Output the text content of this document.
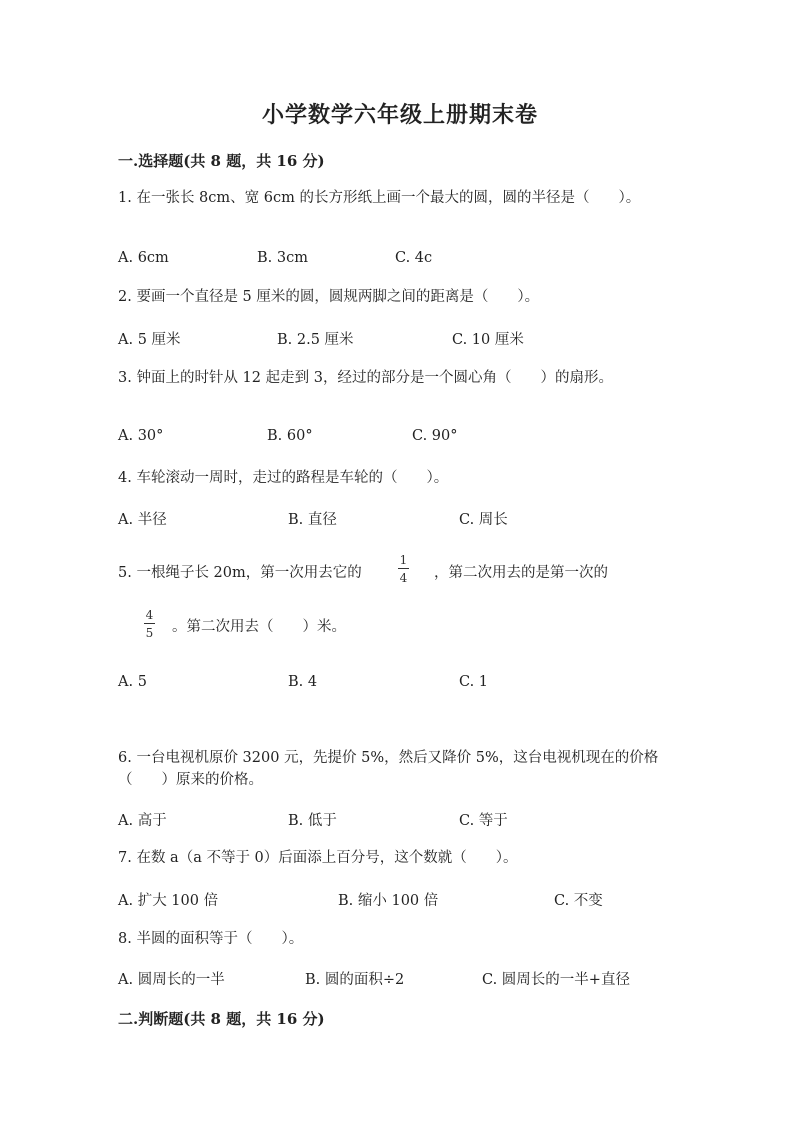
小学数学六年级上册期末卷
一.选择题(共 8 题，共 16 分)
1. 在一张长 8cm、宽 6cm 的长方形纸上画一个最大的圆，圆的半径是（　　）。
A. 6cm	B. 3cm	C. 4c
2. 要画一个直径是 5 厘米的圆，圆规两脚之间的距离是（　　）。
A. 5 厘米	B. 2.5 厘米	C. 10 厘米
3. 钟面上的时针从 12 起走到 3，经过的部分是一个圆心角（　　）的扇形。
A. 30°	B. 60°	C. 90°
4. 车轮滚动一周时，走过的路程是车轮的（　　）。
A. 半径	B. 直径	C. 周长
5. 一根绳子长 20m，第一次用去它的
1
4 ，第二次用去的是第一次的
4
5 。第二次用去（　　）米。
A. 5	B. 4	C. 1
6. 一台电视机原价 3200 元，先提价 5%，然后又降价 5%，这台电视机现在的价格（　　）原来的价格。
A. 高于	B. 低于	C. 等于
7. 在数 a（a 不等于 0）后面添上百分号，这个数就（　　）。
A. 扩大 100 倍	B. 缩小 100 倍	C. 不变
8. 半圆的面积等于（　　）。
A. 圆周长的一半	B. 圆的面积÷2	C. 圆周长的一半+直径
二.判断题(共 8 题，共 16 分)
